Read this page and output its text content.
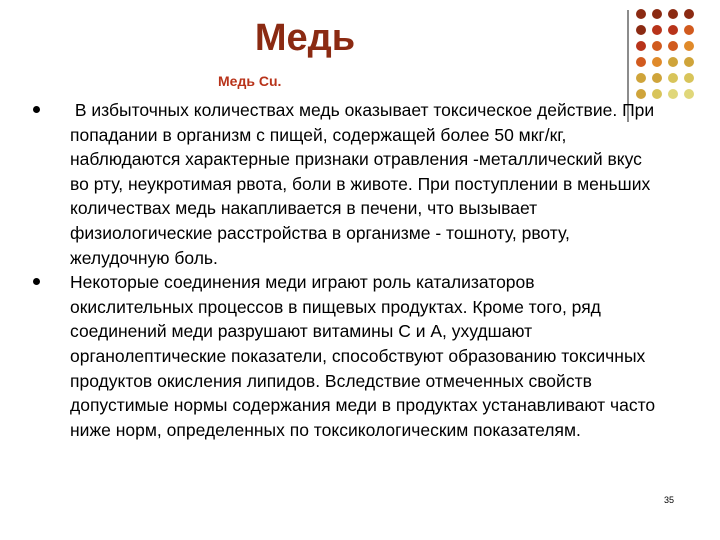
Медь
Медь Cu.
В избыточных количествах медь оказывает токсическое действие. При попадании в организм с пищей, содержащей более 50 мкг/кг, наблюдаются характерные признаки отравления -металлический вкус во рту, неукротимая рвота, боли в животе. При поступлении в меньших количествах медь накапливается в печени, что вызывает физиологические расстройства в организме - тошноту, рвоту, желудочную боль.
Некоторые соединения меди играют роль катализаторов окислительных процессов в пищевых продуктах. Кроме того, ряд соединений меди разрушают витамины С и А, ухудшают органолептические показатели, способствуют образованию токсичных продуктов окисления липидов. Вследствие отмеченных свойств допустимые нормы содержания меди в продуктах устанавливают часто ниже норм, определенных по токсикологическим показателям.
35
